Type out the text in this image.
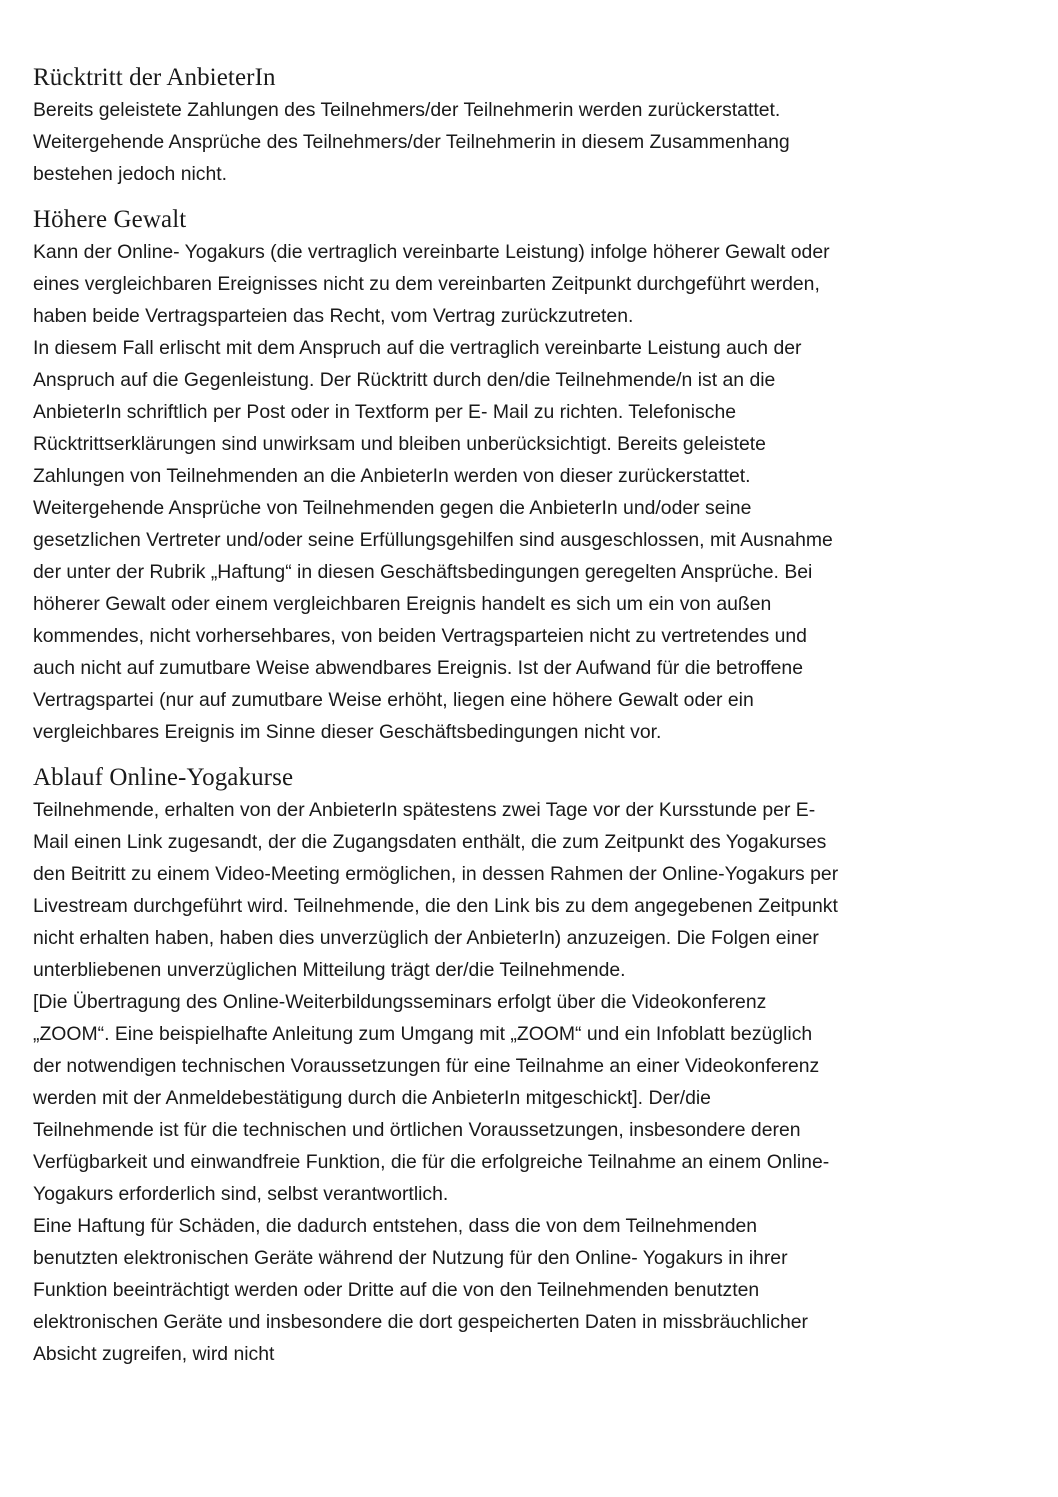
Rücktritt der AnbieterIn

Bereits geleistete Zahlungen des Teilnehmers/der Teilnehmerin werden zurückerstattet.

Weitergehende Ansprüche des Teilnehmers/der Teilnehmerin in diesem Zusammenhang

bestehen jedoch nicht.

Höhere Gewalt

Kann der Online- Yogakurs (die vertraglich vereinbarte Leistung) infolge höherer Gewalt oder

eines vergleichbaren Ereignisses nicht zu dem vereinbarten Zeitpunkt durchgeführt werden,

haben beide Vertragsparteien das Recht, vom Vertrag zurückzutreten.

In diesem Fall erlischt mit dem Anspruch auf die vertraglich vereinbarte Leistung auch der

Anspruch auf die Gegenleistung. Der Rücktritt durch den/die Teilnehmende/n ist an die

AnbieterIn schriftlich per Post oder in Textform per E- Mail zu richten. Telefonische

Rücktrittserklärungen sind unwirksam und bleiben unberücksichtigt. Bereits geleistete

Zahlungen von Teilnehmenden an die AnbieterIn werden von dieser zurückerstattet.

Weitergehende Ansprüche von Teilnehmenden gegen die AnbieterIn und/oder seine

gesetzlichen Vertreter und/oder seine Erfüllungsgehilfen sind ausgeschlossen, mit Ausnahme

der unter der Rubrik „Haftung“ in diesen Geschäftsbedingungen geregelten Ansprüche. Bei

höherer Gewalt oder einem vergleichbaren Ereignis handelt es sich um ein von außen

kommendes, nicht vorhersehbares, von beiden Vertragsparteien nicht zu vertretendes und

auch nicht auf zumutbare Weise abwendbares Ereignis. Ist der Aufwand für die betroffene

Vertragspartei (nur auf zumutbare Weise erhöht, liegen eine höhere Gewalt oder ein

vergleichbares Ereignis im Sinne dieser Geschäftsbedingungen nicht vor.

Ablauf Online-Yogakurse

Teilnehmende, erhalten von der AnbieterIn spätestens zwei Tage vor der Kursstunde per E-

Mail einen Link zugesandt, der die Zugangsdaten enthält, die zum Zeitpunkt des Yogakurses

den Beitritt zu einem Video-Meeting ermöglichen, in dessen Rahmen der Online-Yogakurs per

Livestream durchgeführt wird. Teilnehmende, die den Link bis zu dem angegebenen Zeitpunkt

nicht erhalten haben, haben dies unverzüglich der AnbieterIn) anzuzeigen. Die Folgen einer

unterbliebenen unverzüglichen Mitteilung trägt der/die Teilnehmende.

[Die Übertragung des Online-Weiterbildungsseminars erfolgt über die Videokonferenz

„ZOOM“. Eine beispielhafte Anleitung zum Umgang mit „ZOOM“ und ein Infoblatt bezüglich

der notwendigen technischen Voraussetzungen für eine Teilnahme an einer Videokonferenz

werden mit der Anmeldebestätigung durch die AnbieterIn mitgeschickt]. Der/die

Teilnehmende ist für die technischen und örtlichen Voraussetzungen, insbesondere deren

Verfügbarkeit und einwandfreie Funktion, die für die erfolgreiche Teilnahme an einem Online-

Yogakurs erforderlich sind, selbst verantwortlich.

Eine Haftung für Schäden, die dadurch entstehen, dass die von dem Teilnehmenden

benutzten elektronischen Geräte während der Nutzung für den Online- Yogakurs in ihrer

Funktion beeinträchtigt werden oder Dritte auf die von den Teilnehmenden benutzten

elektronischen Geräte und insbesondere die dort gespeicherten Daten in missbräuchlicher

Absicht zugreifen, wird nicht
